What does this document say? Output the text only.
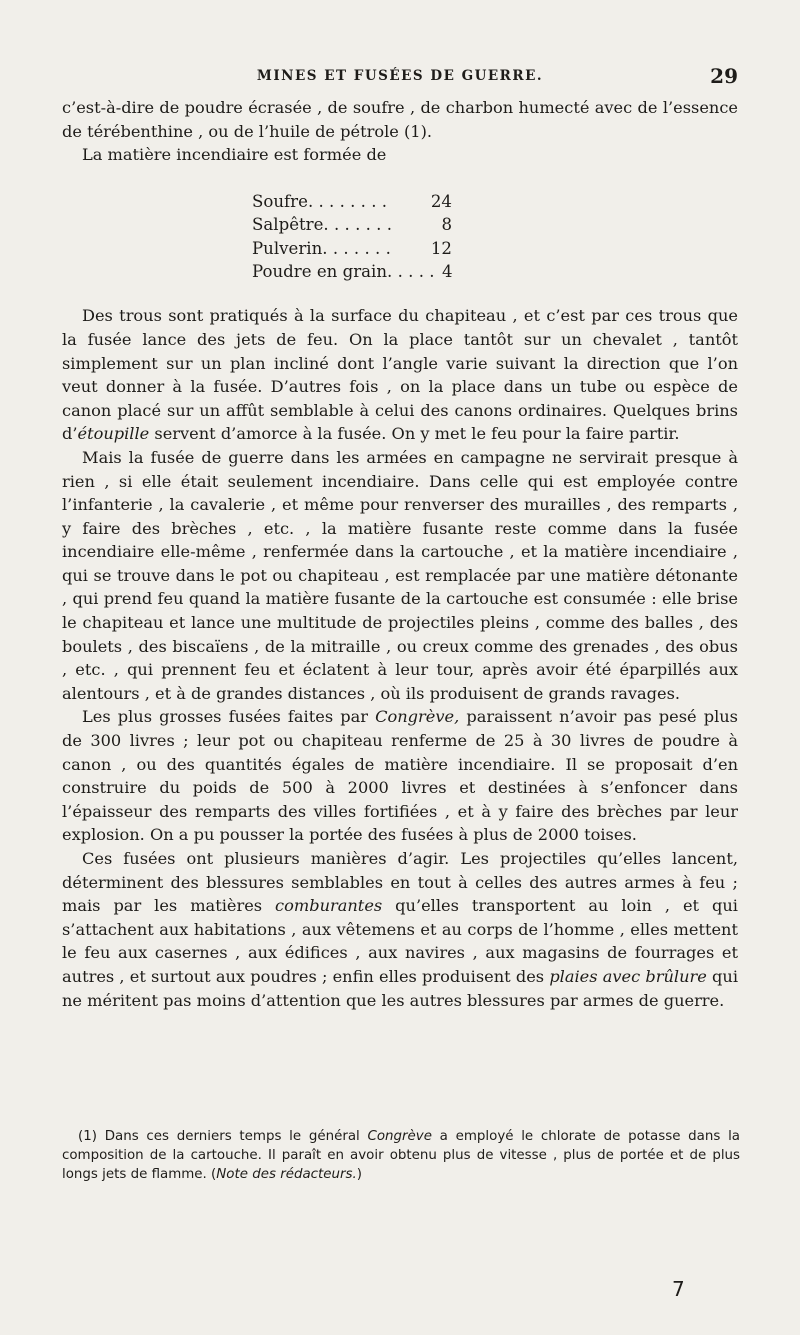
MINES ET FUSÉES DE GUERRE.	29

c’est-à-dire de poudre écrasée , de soufre , de charbon humecté avec de l’essence de térébenthine , ou de l’huile de pétrole (1).

La matière incendiaire est formée de

Soufre. . . . . . . .	24
Salpêtre. . . . . . .	8
Pulverin. . . . . . . 12
Poudre en grain. . . . . 4

Des trous sont pratiqués à la surface du chapiteau , et c’est par ces trous que la fusée lance des jets de feu. On la place tantôt sur un chevalet , tantôt simplement sur un plan incliné dont l’angle varie suivant la direction que l’on veut donner à la fusée. D’autres fois , on la place dans un tube ou espèce de canon placé sur un affût semblable à celui des canons ordinaires. Quelques brins d’étoupille servent d’amorce à la fusée. On y met le feu pour la faire partir.

Mais la fusée de guerre dans les armées en campagne ne servirait presque à rien , si elle était seulement incendiaire. Dans celle qui est employée contre l’infanterie , la cavalerie , et même pour renverser des murailles , des remparts , y faire des brèches , etc. , la matière fusante reste comme dans la fusée incendiaire elle-même , renfermée dans la cartouche , et la matière incendiaire , qui se trouve dans le pot ou chapiteau , est remplacée par une matière détonante , qui prend feu quand la matière fusante de la cartouche est consumée : elle brise le chapiteau et lance une multitude de projectiles pleins , comme des balles , des boulets , des biscaïens , de la mitraille , ou creux comme des grenades , des obus , etc. , qui prennent feu et éclatent à leur tour, après avoir été éparpillés aux alentours , et à de grandes distances , où ils produisent de grands ravages.

Les plus grosses fusées faites par Congrève, paraissent n’avoir pas pesé plus de 300 livres ; leur pot ou chapiteau renferme de 25 à 30 livres de poudre à canon , ou des quantités égales de matière incendiaire. Il se proposait d’en construire du poids de 500 à 2000 livres et destinées à s’enfoncer dans l’épaisseur des remparts des villes fortifiées , et à y faire des brèches par leur explosion. On a pu pousser la portée des fusées à plus de 2000 toises.

Ces fusées ont plusieurs manières d’agir. Les projectiles qu’elles lancent, déterminent des blessures semblables en tout à celles des autres armes à feu ; mais par les matières comburantes qu’elles transportent au loin , et qui s’attachent aux habitations , aux vêtemens et au corps de l’homme , elles mettent le feu aux casernes , aux édifices , aux navires , aux magasins de fourrages et autres , et surtout aux poudres ; enfin elles produisent des plaies avec brûlure qui ne méritent pas moins d’attention que les autres blessures par armes de guerre.

(1) Dans ces derniers temps le général Congrève a employé le chlorate de potasse dans la composition de la cartouche. Il paraît en avoir obtenu plus de vitesse , plus de portée et de plus longs jets de flamme. (Note des rédacteurs.)
7
